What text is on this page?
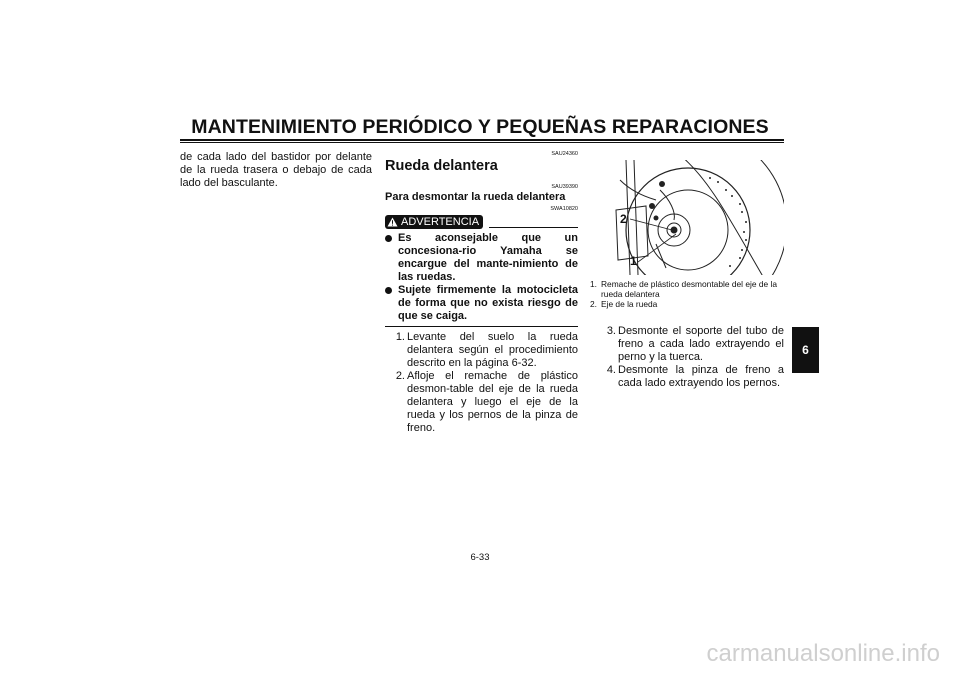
MANTENIMIENTO PERIÓDICO Y PEQUEÑAS REPARACIONES
de cada lado del bastidor por delante de la rueda trasera o debajo de cada lado del basculante.
SAU24360
Rueda delantera
SAU39390
Para desmontar la rueda delantera
SWA10820
ADVERTENCIA
Es aconsejable que un concesiona-rio Yamaha se encargue del mante-nimiento de las ruedas.
Sujete firmemente la motocicleta de forma que no exista riesgo de que se caiga.
1. Levante del suelo la rueda delantera según el procedimiento descrito en la página 6-32.
2. Afloje el remache de plástico desmon-table del eje de la rueda delantera y luego el eje de la rueda y los pernos de la pinza de freno.
2
1
1. Remache de plástico desmontable del eje de la rueda delantera
2. Eje de la rueda
3. Desmonte el soporte del tubo de freno a cada lado extrayendo el perno y la tuerca.
4. Desmonte la pinza de freno a cada lado extrayendo los pernos.
6
6-33
carmanualsonline.info
